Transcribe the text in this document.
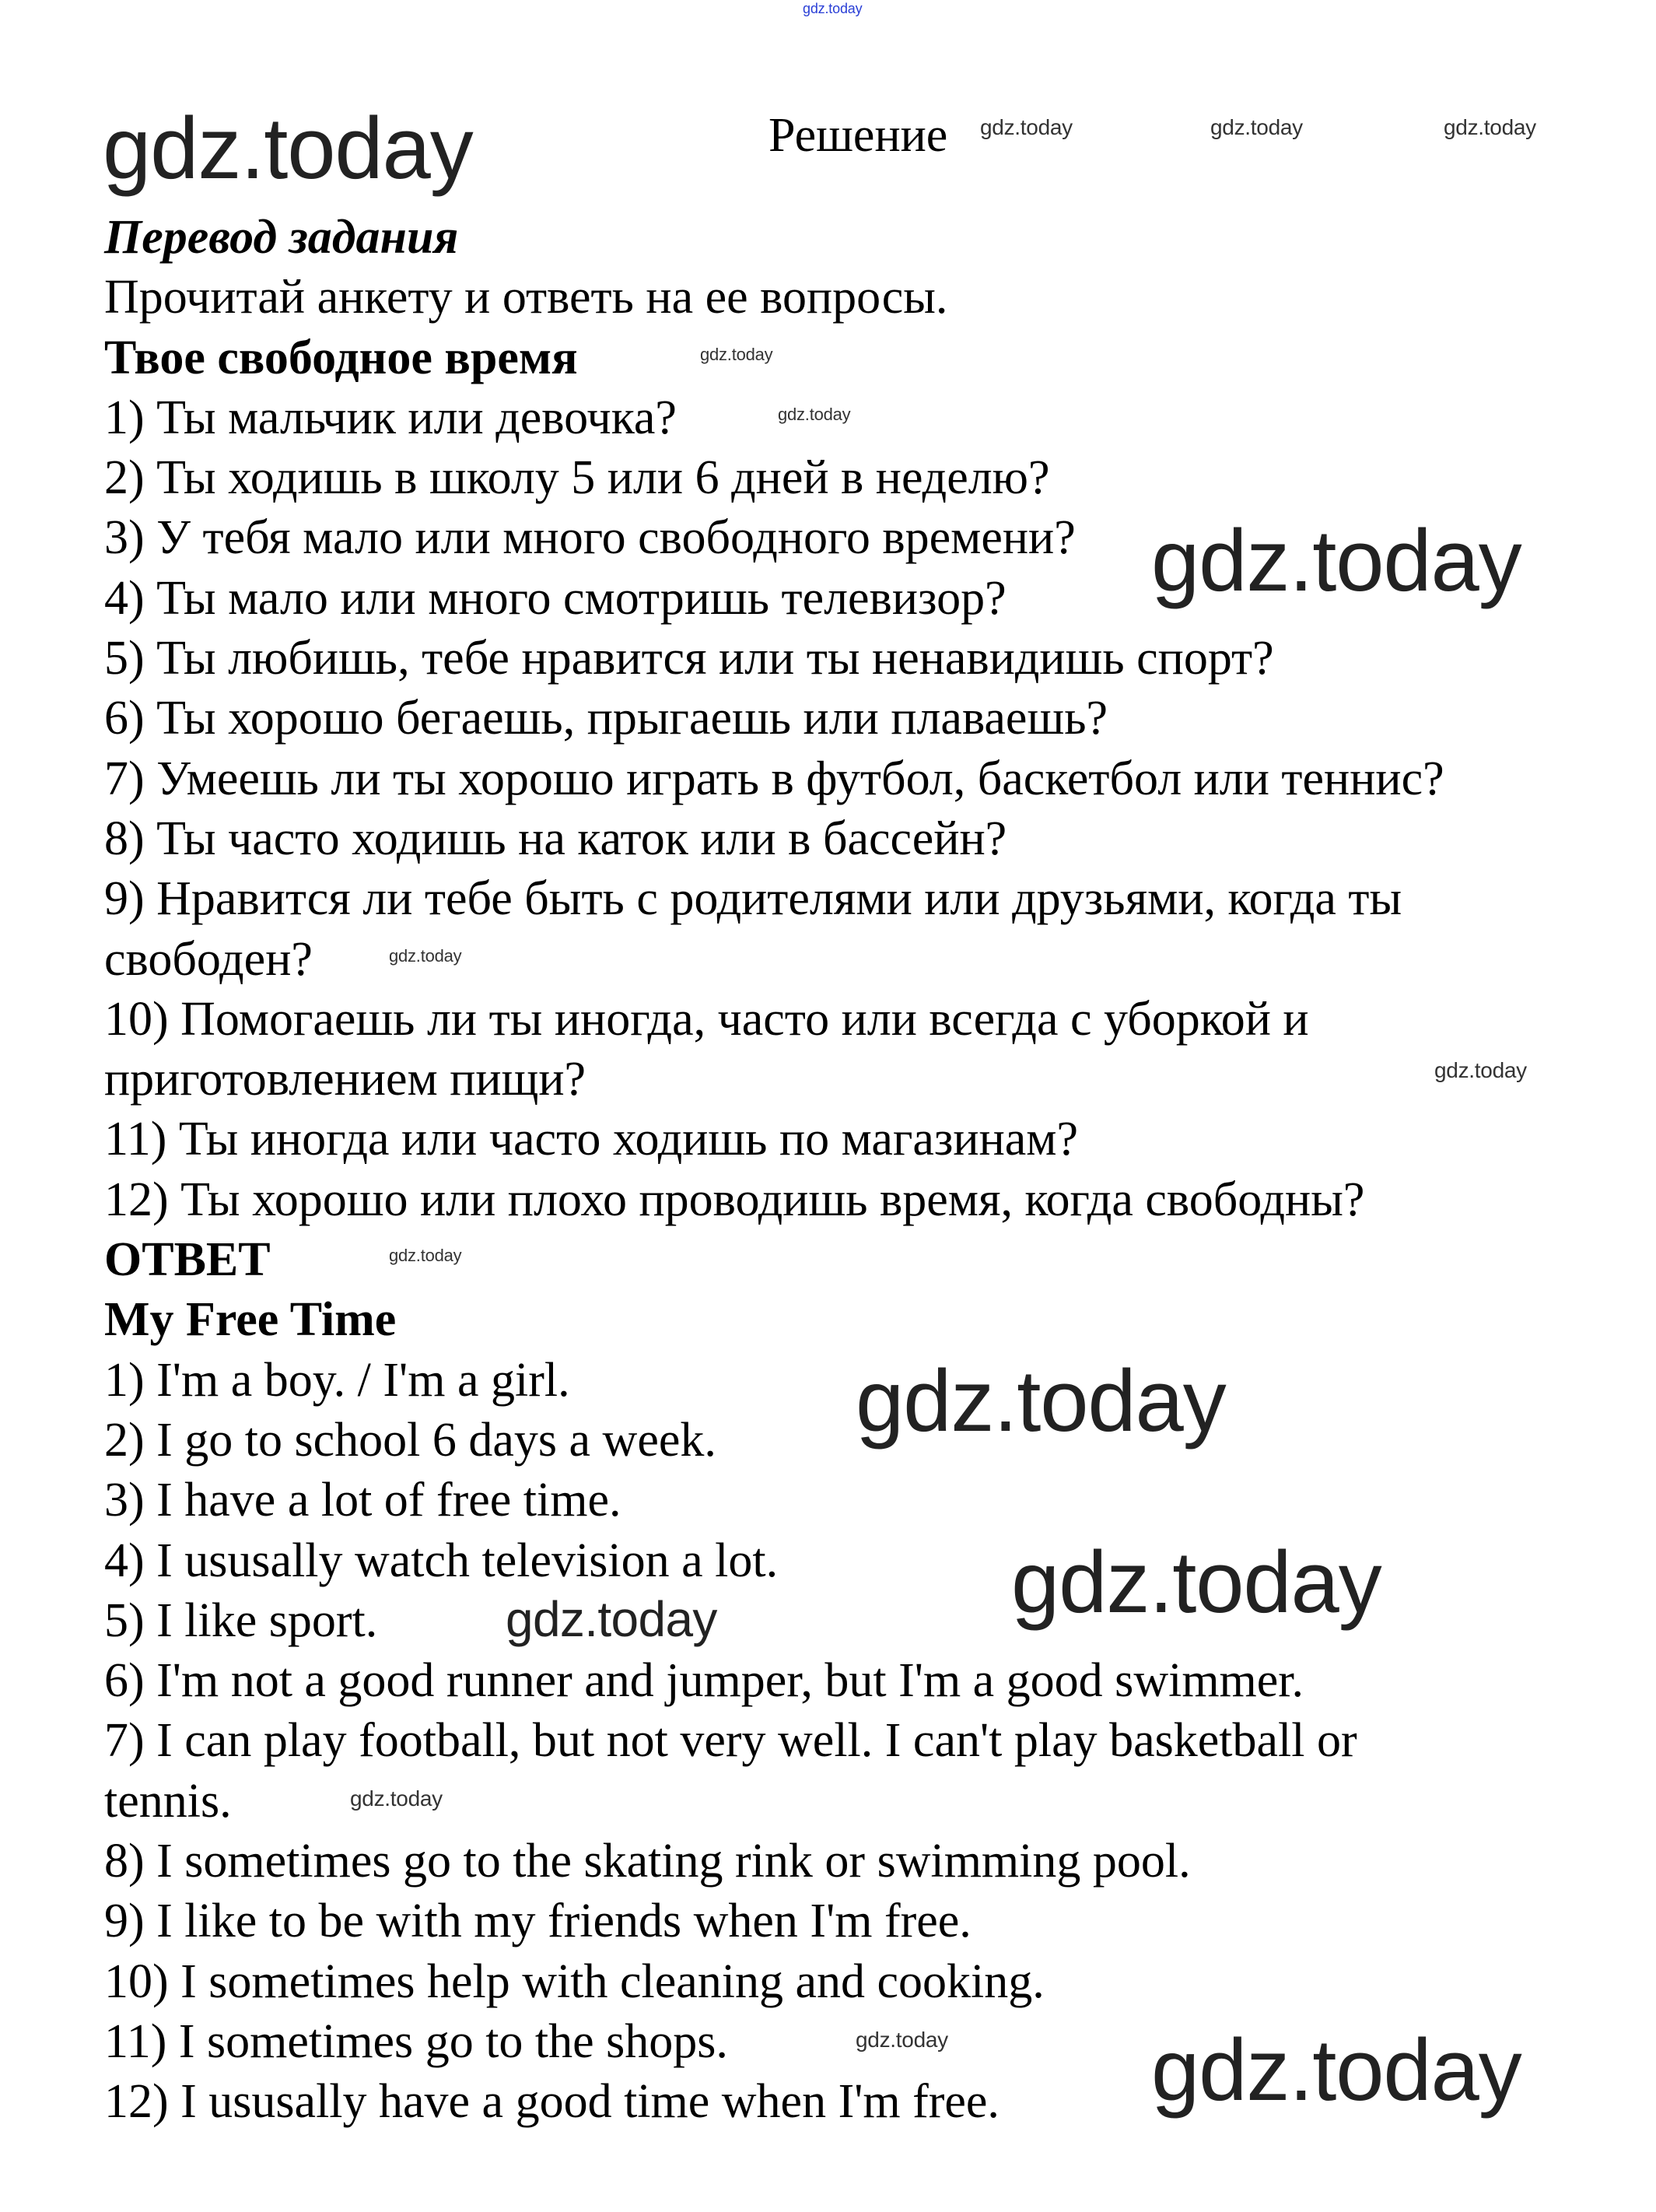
gdz.today
gdz.today	Решение gdz.today	gdz.today	gdz.today
Перевод задания
Прочитай анкету и ответь на ее вопросы.
Твое свободное время
1) Ты мальчик или девочка?
2) Ты ходишь в школу 5 или 6 дней в неделю?
3) У тебя мало или много свободного времени?
4) Ты мало или много смотришь телевизор?
5) Ты любишь, тебе нравится или ты ненавидишь спорт?
6) Ты хорошо бегаешь, прыгаешь или плаваешь?
7) Умеешь ли ты хорошо играть в футбол, баскетбол или теннис?
8) Ты часто ходишь на каток или в бассейн?
9) Нравится ли тебе быть с родителями или друзьями, когда ты
свободен?
10) Помогаешь ли ты иногда, часто или всегда с уборкой и
приготовлением пищи?
11) Ты иногда или часто ходишь по магазинам?
12) Ты хорошо или плохо проводишь время, когда свободны?
ОТВЕТ
My Free Time
1) I'm a boy. / I'm a girl.
2) I go to school 6 days a week.
3) I have a lot of free time.
4) I ususally watch television a lot.
5) I like sport.
6) I'm not a good runner and jumper, but I'm a good swimmer.
7) I can play football, but not very well. I can't play basketball or
tennis.
8) I sometimes go to the skating rink or swimming pool.
9) I like to be with my friends when I'm free.
10) I sometimes help with cleaning and cooking.
11) I sometimes go to the shops.
12) I ususally have a good time when I'm free.
gdz.today
gdz.today
gdz.today
gdz.today
gdz.today
gdz.today
gdz.today
gdz.today
gdz.today
gdz.today
gdz.today gdz.today
